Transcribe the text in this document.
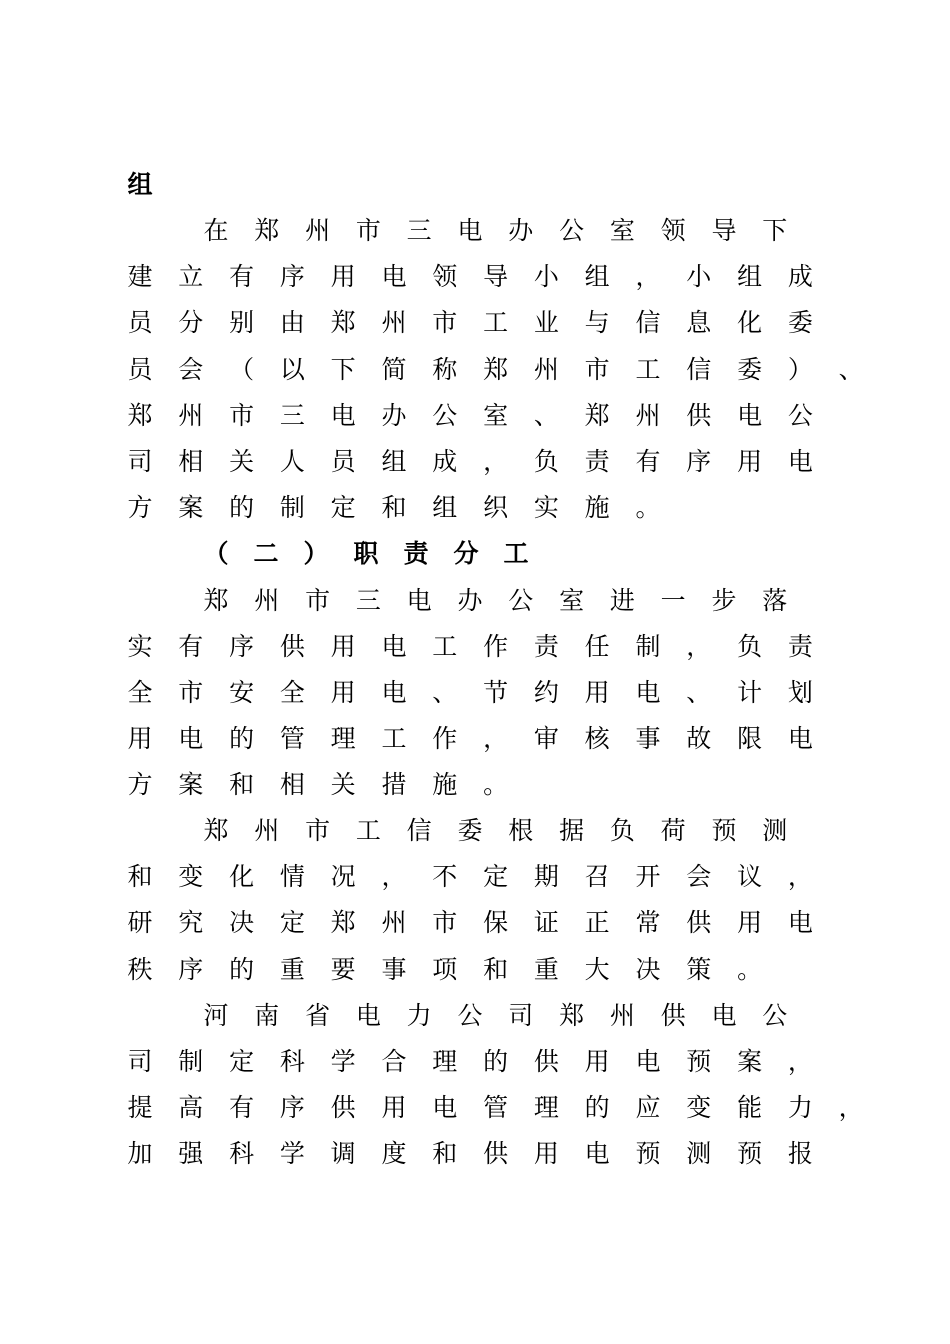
组
在	郑	州	市	三	电	办	公	室	领	导	下
建	立	有	序	用	电	领	导	小	组	，	小	组	成
员	分	别	由	郑	州	市	工	业	与	信	息	化	委
员	会	（	以	下	简	称	郑	州	市	工	信	委	）	、
郑	州	市	三	电	办	公	室	、	郑	州	供	电	公
司	相	关	人	员	组	成	，	负	责	有	序	用	电
方	案	的	制	定	和	组	织	实	施	。
（ 二 ） 职 责 分 工
郑	州	市	三	电	办	公	室	进	一	步	落
实	有	序	供	用	电	工	作	责	任	制	，	负	责
全	市	安	全	用	电	、	节	约	用	电	、	计	划
用	电	的	管	理	工	作	，	审	核	事	故	限	电
方	案	和	相	关	措	施	。
郑	州	市	工	信	委	根	据	负	荷	预	测
和	变	化	情	况	，	不	定	期	召	开	会	议	，
研	究	决	定	郑	州	市	保	证	正	常	供	用	电
秩	序	的	重	要	事	项	和	重	大	决	策	。
河	南	省	电	力	公	司	郑	州	供	电	公
司	制	定	科	学	合	理	的	供	用	电	预	案	，
提	高	有	序	供	用	电	管	理	的	应	变	能	力	，
加	强	科	学	调	度	和	供	用	电	预	测	预	报
